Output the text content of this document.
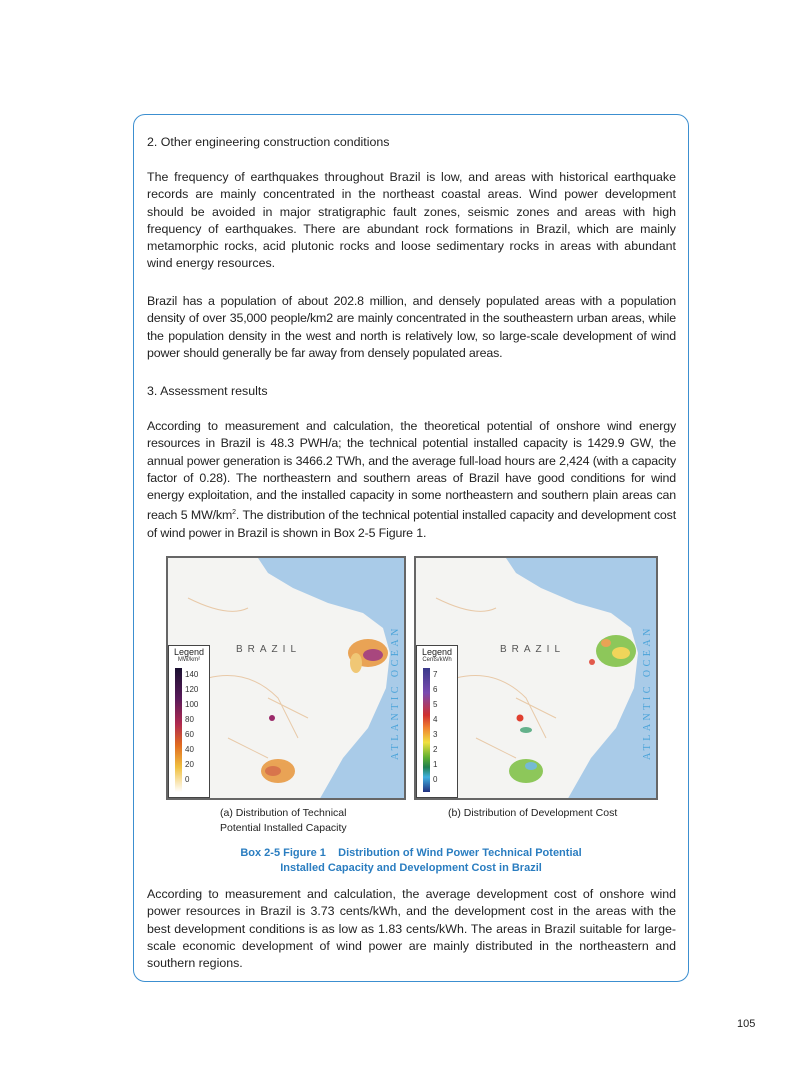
2. Other engineering construction conditions
The frequency of earthquakes throughout Brazil is low, and areas with historical earthquake records are mainly concentrated in the northeast coastal areas. Wind power development should be avoided in major stratigraphic fault zones, seismic zones and areas with high frequency of earthquakes. There are abundant rock formations in Brazil, which are mainly metamorphic rocks, acid plutonic rocks and loose sedimentary rocks in areas with abundant wind energy resources.
Brazil has a population of about 202.8 million, and densely populated areas with a population density of over 35,000 people/km2 are mainly concentrated in the southeastern urban areas, while the population density in the west and north is relatively low, so large-scale development of wind power should generally be far away from densely populated areas.
3. Assessment results
According to measurement and calculation, the theoretical potential of onshore wind energy resources in Brazil is 48.3 PWH/a; the technical potential installed capacity is 1429.9 GW, the annual power generation is 3466.2 TWh, and the average full-load hours are 2,424 (with a capacity factor of 0.28). The northeastern and southern areas of Brazil have good conditions for wind energy exploitation, and the installed capacity in some northeastern and southern plain areas can reach 5 $MW/km^2$. The distribution of the technical potential installed capacity and development cost of wind power in Brazil is shown in Box 2-5 Figure 1.
BRAZIL	ATLANTIC OCEAN
Legend
MW/km²
140
120
100
80
60
40
20
0
BRAZIL	ATLANTIC OCEAN
Legend
Cents/kWh
7
6
5
4
3
2
1
0
(a) Distribution of Technical
Potential Installed Capacity
(b) Distribution of Development Cost
Box 2-5 Figure 1    Distribution of Wind Power Technical Potential
Installed Capacity and Development Cost in Brazil
According to measurement and calculation, the average development cost of onshore wind power resources in Brazil is 3.73 cents/kWh, and the development cost in the areas with the best development conditions is as low as 1.83 cents/kWh. The areas in Brazil suitable for large-scale economic development of wind power are mainly distributed in the northeastern and southern regions.
105
